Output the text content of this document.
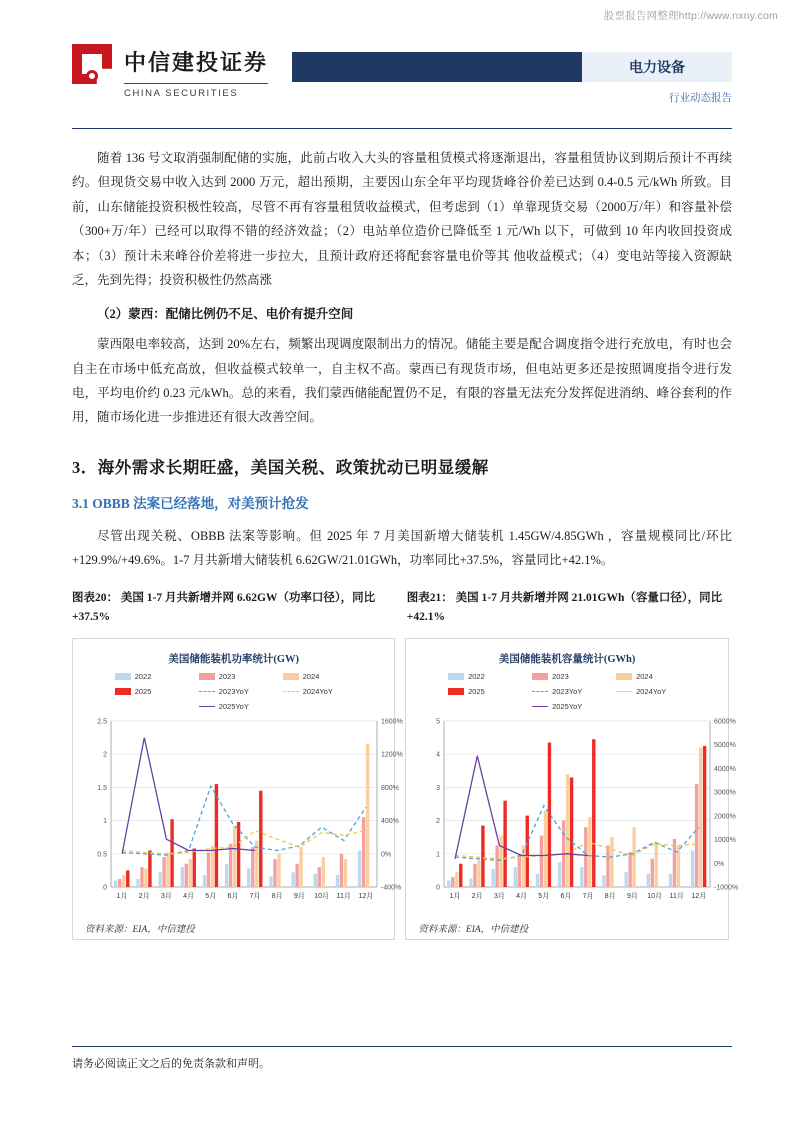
股票报告网整理http://www.nxny.com
中信建投证券
CHINA SECURITIES
电力设备
行业动态报告

随着 136 号文取消强制配储的实施，此前占收入大头的容量租赁模式将逐渐退出，容量租赁协议到期后预计不再续约。但现货交易中收入达到 2000 万元，超出预期，主要因山东全年平均现货峰谷价差已达到 0.4-0.5 元/kWh 所致。目前，山东储能投资积极性较高，尽管不再有容量租赁收益模式，但考虑到（1）单靠现货交易（2000万/年）和容量补偿（300+万/年）已经可以取得不错的经济效益；（2）电站单位造价已降低至 1 元/Wh 以下，可做到 10 年内收回投资成本；（3）预计未来峰谷价差将进一步拉大，且预计政府还将配套容量电价等其 他收益模式；（4）变电站等接入资源缺乏，先到先得；投资积极性仍然高涨

（2）蒙西：配储比例仍不足、电价有提升空间

蒙西限电率较高，达到 20%左右，频繁出现调度限制出力的情况。储能主要是配合调度指令进行充放电，有时也会自主在市场中低充高放，但收益模式较单一，自主权不高。蒙西已有现货市场，但电站更多还是按照调度指令进行发电，平均电价约 0.23 元/kWh。总的来看，我们蒙西储能配置仍不足，有限的容量无法充分发挥促进消纳、峰谷套利的作用，随市场化进一步推进还有很大改善空间。

3．海外需求长期旺盛，美国关税、政策扰动已明显缓解
3.1 OBBB 法案已经落地，对美预计抢发

尽管出现关税、OBBB 法案等影响。但 2025 年 7 月美国新增大储装机 1.45GW/4.85GWh ，容量规模同比/环比+129.9%/+49.6%。1-7 月共新增大储装机 6.62GW/21.01GWh，功率同比+37.5%，容量同比+42.1%。

图表20： 美国 1-7 月共新增并网 6.62GW（功率口径），同比+37.5%
图表21： 美国 1-7 月共新增并网 21.01GWh（容量口径），同比+42.1%
美国储能装机功率统计(GW)
2022	2023	2024
2025	2023YoY	2024YoY
2025YoY
0
0.5
1
1.5
2
2.5
-400%
0%
400%
800%
1200%
1600%
1月 2月 3月 4月 5月 6月 7月 8月 9月 10月 11月 12月
资料来源：EIA，中信建投
美国储能装机容量统计(GWh)
2022	2023	2024
2025	2023YoY	2024YoY
2025YoY
0
1
2
3
4
5
-1000%
0%
1000%
2000%
3000%
4000%
5000%
6000%
1月 2月 3月 4月 5月 6月 7月 8月 9月 10月 11月 12月
资料来源：EIA，中信建投
请务必阅读正文之后的免责条款和声明。
